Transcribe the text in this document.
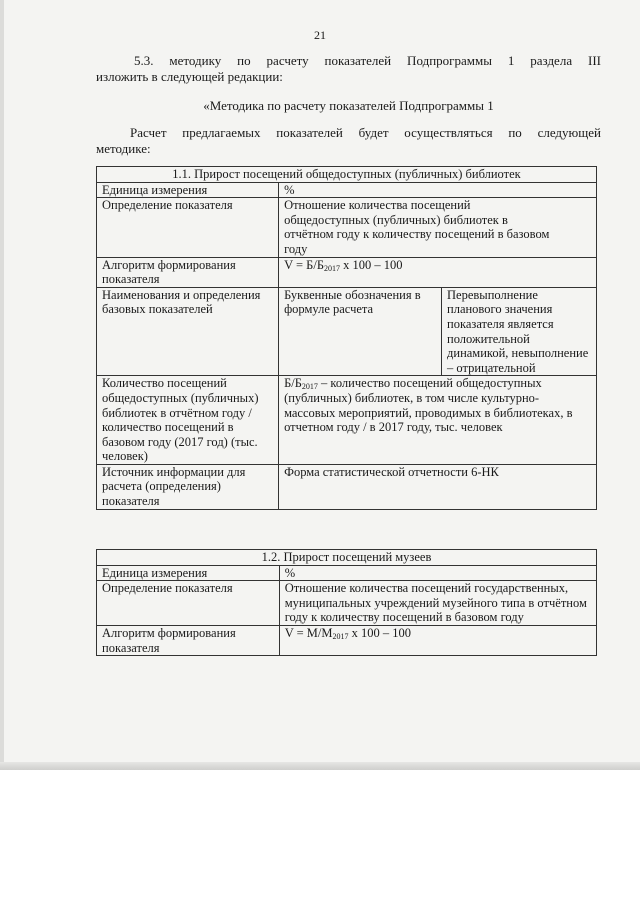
21
5.3. методику по расчету показателей Подпрограммы 1 раздела III
изложить в следующей редакции:
«Методика по расчету показателей Подпрограммы 1
Расчет предлагаемых показателей будет осуществляться по следующей
методике:
1.1. Прирост посещений общедоступных (публичных) библиотек		
Единица измерения	%	
Определение показателя	Отношение количества посещений общедоступных (публичных) библиотек в отчётном году к количеству посещений в базовом году	

Алгоритм формирования показателя	$V = Б/Б_{2017}$ х 100 – 100	
Наименования и определения базовых показателей	Буквенные обозначения в формуле расчета	Перевыполнение планового значения показателя является положительной динамикой, невыполнение – отрицательной
Количество посещений общедоступных (публичных) библиотек в отчётном году / количество посещений в базовом году (2017 год) (тыс. человек)	$Б/Б_{2017}$ – количество посещений общедоступных (публичных) библиотек, в том числе культурно-массовых мероприятий, проводимых в библиотеках, в отчетном году / в 2017 году, тыс. человек	

Источник информации для расчета (определения) показателя	Форма статистической отчетности 6-НК	
1.2. Прирост посещений музеев	
Единица измерения	%
Определение показателя	Отношение количества посещений государственных, муниципальных учреждений музейного типа в отчётном году к количеству посещений в базовом году
Алгоритм формирования показателя	$V = М/М_{2017}$ х 100 – 100
